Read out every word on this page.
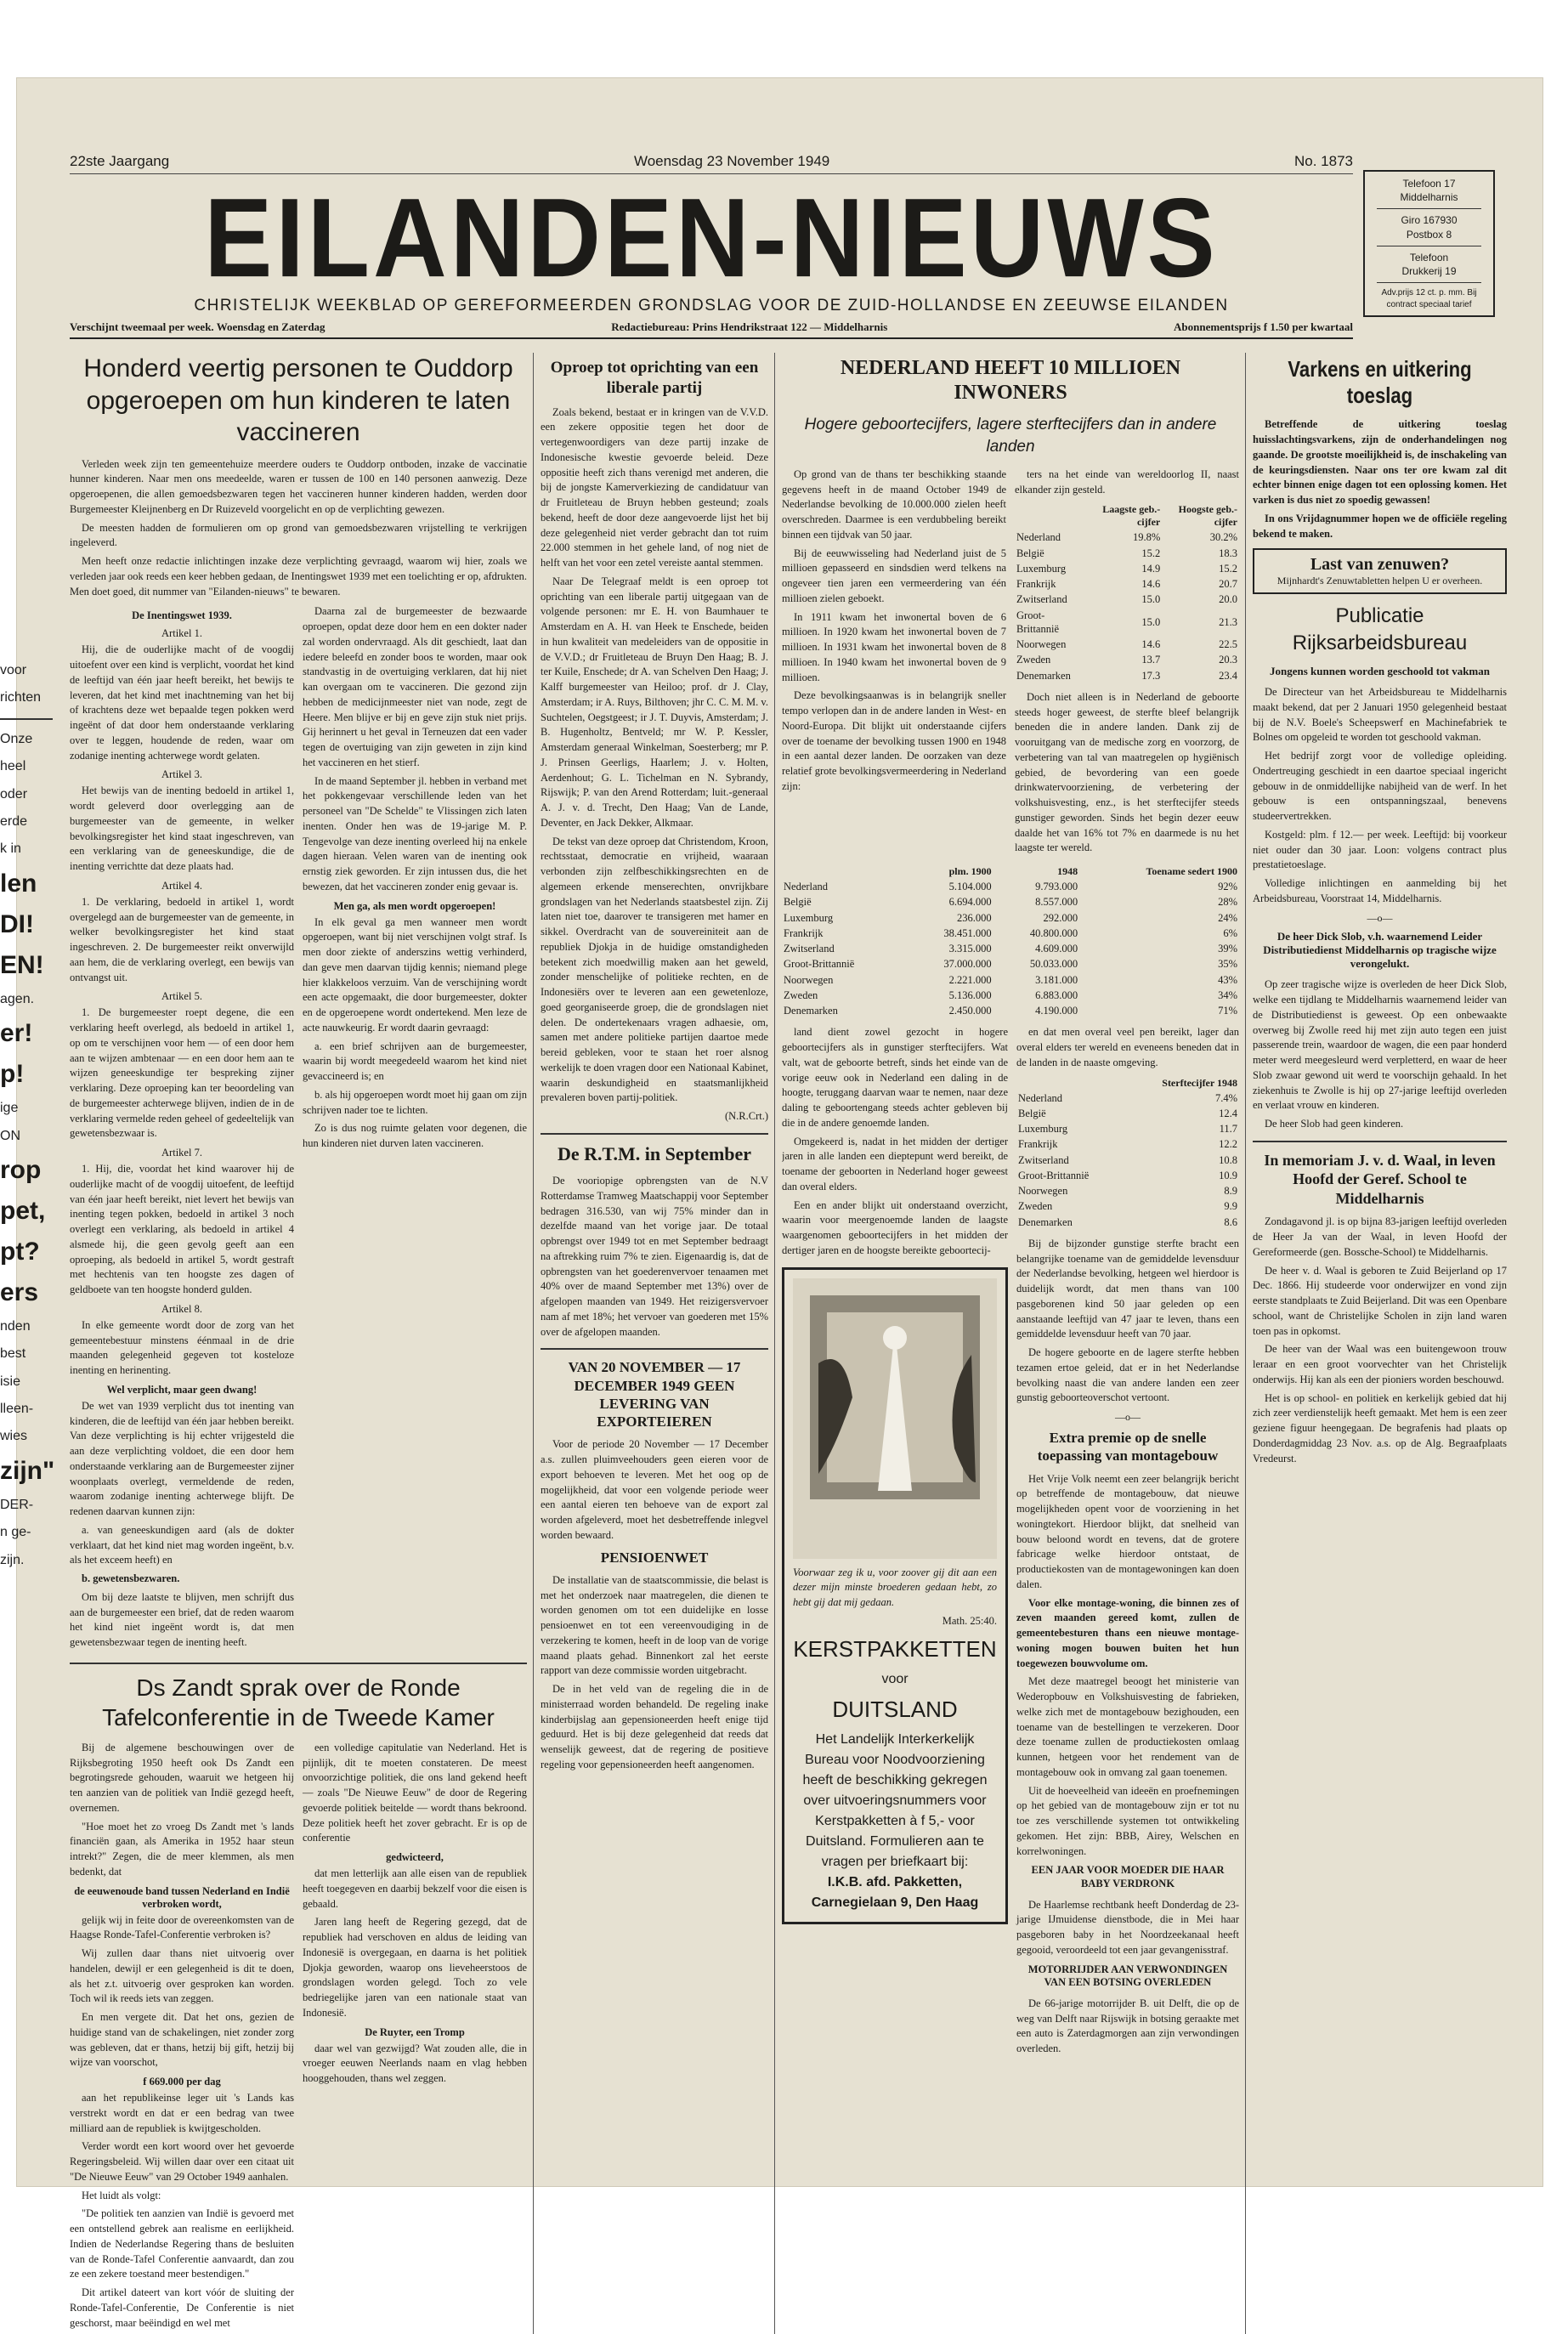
voor
richten
Onze
heel
oder
erde
k in
len
DI!
EN!
agen.
er!
p!
ige
ON
rop
pet,
pt?
ers
nden
best
isie
lleen-
wies
zijn"
DER-
n ge-
zijn.
22ste Jaargang	Woensdag 23 November 1949	No. 1873
EILANDEN-NIEUWS
CHRISTELIJK WEEKBLAD OP GEREFORMEERDEN GRONDSLAG VOOR DE ZUID-HOLLANDSE EN ZEEUWSE EILANDEN
Verschijnt tweemaal per week. Woensdag en Zaterdag	Redactiebureau: Prins Hendrikstraat 122 — Middelharnis	Abonnementsprijs f 1.50 per kwartaal
Telefoon 17
Middelharnis
Giro 167930
Postbox 8
Telefoon
Drukkerij 19
Adv.prijs 12 ct. p. mm. Bij contract speciaal tarief
Honderd veertig personen te Ouddorp opgeroepen om hun kinderen te laten vaccineren

Verleden week zijn ten gemeentehuize meerdere ouders te Ouddorp ontboden, inzake de vaccinatie hunner kinderen. Naar men ons meedeelde, waren er tussen de 100 en 140 personen aanwezig. Deze opgeroepenen, die allen gemoedsbezwaren tegen het vaccineren hunner kinderen hadden, werden door Burgemeester Kleijnenberg en Dr Ruizeveld voorgelicht en op de verplichting gewezen.

De meesten hadden de formulieren om op grond van gemoedsbezwaren vrijstelling te verkrijgen ingeleverd.

Men heeft onze redactie inlichtingen inzake deze verplichting gevraagd, waarom wij hier, zoals we verleden jaar ook reeds een keer hebben gedaan, de Inentingswet 1939 met een toelichting er op, afdrukten. Men doet goed, dit nummer van "Eilanden-nieuws" te bewaren.

De Inentingswet 1939.
Artikel 1.

Hij, die de ouderlijke macht of de voogdij uitoefent over een kind is verplicht, voordat het kind de leeftijd van één jaar heeft bereikt, het bewijs te leveren, dat het kind met inachtneming van het bij of krachtens deze wet bepaalde tegen pokken werd ingeënt of dat door hem onderstaande verklaring over te leggen, houdende de reden, waar om zodanige inenting achterwege wordt gelaten.

Artikel 3.

Het bewijs van de inenting bedoeld in artikel 1, wordt geleverd door overlegging aan de burgemeester van de gemeente, in welker bevolkingsregister het kind staat ingeschreven, van een verklaring van de geneeskundige, die de inenting verrichtte dat deze plaats had.

Artikel 4.

1. De verklaring, bedoeld in artikel 1, wordt overgelegd aan de burgemeester van de gemeente, in welker bevolkingsregister het kind staat ingeschreven. 2. De burgemeester reikt onverwijld aan hem, die de verklaring overlegt, een bewijs van ontvangst uit.

Artikel 5.

1. De burgemeester roept degene, die een verklaring heeft overlegd, als bedoeld in artikel 1, op om te verschijnen voor hem — of een door hem aan te wijzen ambtenaar — en een door hem aan te wijzen geneeskundige ter bespreking zijner verklaring. Deze oproeping kan ter beoordeling van de burgemeester achterwege blijven, indien de in de verklaring vermelde reden geheel of gedeeltelijk van gewetensbezwaar is.

Artikel 7.

1. Hij, die, voordat het kind waarover hij de ouderlijke macht of de voogdij uitoefent, de leeftijd van één jaar heeft bereikt, niet levert het bewijs van inenting tegen pokken, bedoeld in artikel 3 noch overlegt een verklaring, als bedoeld in artikel 4 alsmede hij, die geen gevolg geeft aan een oproeping, als bedoeld in artikel 5, wordt gestraft met hechtenis van ten hoogste zes dagen of geldboete van ten hoogste honderd gulden.

Artikel 8.

In elke gemeente wordt door de zorg van het gemeentebestuur minstens éénmaal in de drie maanden gelegenheid gegeven tot kosteloze inenting en herinenting.

Wel verplicht, maar geen dwang!

De wet van 1939 verplicht dus tot inenting van kinderen, die de leeftijd van één jaar hebben bereikt. Van deze verplichting is hij echter vrijgesteld die aan deze verplichting voldoet, die een door hem onderstaande verklaring aan de Burgemeester zijner woonplaats overlegt, vermeldende de reden, waarom zodanige inenting achterwege blijft. De redenen daarvan kunnen zijn:

a. van geneeskundigen aard (als de dokter verklaart, dat het kind niet mag worden ingeënt, b.v. als het exceem heeft) en

b. gewetensbezwaren.

Om bij deze laatste te blijven, men schrijft dus aan de burgemeester een brief, dat de reden waarom het kind niet ingeënt wordt is, dat men gewetensbezwaar tegen de inenting heeft.

Daarna zal de burgemeester de bezwaarde oproepen, opdat deze door hem en een dokter nader zal worden ondervraagd. Als dit geschiedt, laat dan iedere beleefd en zonder boos te worden, maar ook standvastig in de overtuiging verklaren, dat hij niet kan overgaan om te vaccineren. Die gezond zijn hebben de medicijnmeester niet van node, zegt de Heere. Men blijve er bij en geve zijn stuk niet prijs. Gij herinnert u het geval in Terneuzen dat een vader tegen de overtuiging van zijn geweten in zijn kind het vaccineren en het stierf.

In de maand September jl. hebben in verband met het pokkengevaar verschillende leden van het personeel van "De Schelde" te Vlissingen zich laten inenten. Onder hen was de 19-jarige M. P. Tengevolge van deze inenting overleed hij na enkele dagen hieraan. Velen waren van de inenting ook ernstig ziek geworden. Er zijn intussen dus, die het bewezen, dat het vaccineren zonder enig gevaar is.

Men ga, als men wordt opgeroepen!

In elk geval ga men wanneer men wordt opgeroepen, want bij niet verschijnen volgt straf. Is men door ziekte of anderszins wettig verhinderd, dan geve men daarvan tijdig kennis; niemand plege hier klakkeloos verzuim. Van de verschijning wordt een acte opgemaakt, die door burgemeester, dokter en de opgeroepene wordt ondertekend. Men leze de acte nauwkeurig. Er wordt daarin gevraagd:

a. een brief schrijven aan de burgemeester, waarin bij wordt meegedeeld waarom het kind niet gevaccineerd is; en

b. als hij opgeroepen wordt moet hij gaan om zijn schrijven nader toe te lichten.

Zo is dus nog ruimte gelaten voor degenen, die hun kinderen niet durven laten vaccineren.

Ds Zandt sprak over de Ronde Tafelconferentie in de Tweede Kamer

Bij de algemene beschouwingen over de Rijksbegroting 1950 heeft ook Ds Zandt een begrotingsrede gehouden, waaruit we hetgeen hij ten aanzien van de politiek van Indië gezegd heeft, overnemen.

"Hoe moet het zo vroeg Ds Zandt met 's lands financiën gaan, als Amerika in 1952 haar steun intrekt?" Zegen, die de meer klemmen, als men bedenkt, dat

de eeuwenoude band tussen Nederland en Indië verbroken wordt,

gelijk wij in feite door de overeenkomsten van de Haagse Ronde-Tafel-Conferentie verbroken is?

Wij zullen daar thans niet uitvoerig over handelen, dewijl er een gelegenheid is dit te doen, als het z.t. uitvoerig over gesproken kan worden. Toch wil ik reeds iets van zeggen.

En men vergete dit. Dat het ons, gezien de huidige stand van de schakelingen, niet zonder zorg was gebleven, dat er thans, hetzij bij gift, hetzij bij wijze van voorschot,

f 669.000 per dag

aan het republikeinse leger uit 's Lands kas verstrekt wordt en dat er een bedrag van twee milliard aan de republiek is kwijtgescholden.

Verder wordt een kort woord over het gevoerde Regeringsbeleid. Wij willen daar over een citaat uit "De Nieuwe Eeuw" van 29 October 1949 aanhalen.

Het luidt als volgt:

"De politiek ten aanzien van Indië is gevoerd met een ontstellend gebrek aan realisme en eerlijkheid. Indien de Nederlandse Regering thans de besluiten van de Ronde-Tafel Conferentie aanvaardt, dan zou ze een zekere toestand meer bestendigen."

Dit artikel dateert van kort vóór de sluiting der Ronde-Tafel-Conferentie, De Conferentie is niet geschorst, maar beëindigd en wel met

een volledige capitulatie van Nederland. Het is pijnlijk, dit te moeten constateren. De meest onvoorzichtige politiek, die ons land gekend heeft — zoals "De Nieuwe Eeuw" de door de Regering gevoerde politiek beitelde — wordt thans bekroond. Deze politiek heeft het zover gebracht. Er is op de conferentie

gedwicteerd,

dat men letterlijk aan alle eisen van de republiek heeft toegegeven en daarbij bekzelf voor die eisen is gebaald.

Jaren lang heeft de Regering gezegd, dat de republiek had verschoven en aldus de leiding van Indonesië is overgegaan, en daarna is het politiek Djokja geworden, waarop ons lieveheerstoos de grondslagen worden gelegd. Toch zo vele bedriegelijke jaren van een nationale staat van Indonesië.

De Ruyter, een Tromp

daar wel van gezwijgd? Wat zouden alle, die in vroeger eeuwen Neerlands naam en vlag hebben hooggehouden, thans wel zeggen.

Oproep tot oprichting van een liberale partij

Zoals bekend, bestaat er in kringen van de V.V.D. een zekere oppositie tegen het door de vertegenwoordigers van deze partij inzake de Indonesische kwestie gevoerde beleid. Deze oppositie heeft zich thans verenigd met anderen, die bij de jongste Kamerverkiezing de candidatuur van dr Fruitleteau de Bruyn hebben gesteund; zoals bekend, heeft de door deze aangevoerde lijst het bij deze gelegenheid niet verder gebracht dan tot ruim 22.000 stemmen in het gehele land, of nog niet de helft van het voor een zetel vereiste aantal stemmen.

Naar De Telegraaf meldt is een oproep tot oprichting van een liberale partij uitgegaan van de volgende personen: mr E. H. von Baumhauer te Amsterdam en A. H. van Heek te Enschede, beiden in hun kwaliteit van medeleiders van de oppositie in de V.V.D.; dr Fruitleteau de Bruyn Den Haag; B. J. ter Kuile, Enschede; dr A. van Schelven Den Haag; J. Kalff burgemeester van Heiloo; prof. dr J. Clay, Amsterdam; ir A. Ruys, Bilthoven; jhr C. C. M. M. v. Suchtelen, Oegstgeest; ir J. T. Duyvis, Amsterdam; J. B. Hugenholtz, Bentveld; mr W. P. Kessler, Amsterdam generaal Winkelman, Soesterberg; mr P. J. Prinsen Geerligs, Haarlem; J. v. Holten, Aerdenhout; G. L. Tichelman en N. Sybrandy, Rijswijk; P. van den Arend Rotterdam; luit.-generaal A. J. v. d. Trecht, Den Haag; Van de Lande, Deventer, en Jack Dekker, Alkmaar.

De tekst van deze oproep dat Christendom, Kroon, rechtsstaat, democratie en vrijheid, waaraan verbonden zijn zelfbeschikkingsrechten en de algemeen erkende menserechten, onvrijkbare grondslagen van het Nederlands staatsbestel zijn. Zij laten niet toe, daarover te transigeren met hamer en sikkel. Overdracht van de souvereiniteit aan de republiek Djokja in de huidige omstandigheden betekent zich moedwillig maken aan het geweld, zonder menschelijke of politieke rechten, en de Indonesiërs over te leveren aan een gewetenloze, goed georganiseerde groep, die de grondslagen niet delen. De ondertekenaars vragen adhaesie, om, samen met andere politieke partijen daartoe mede bereid gebleken, voor te staan het roer alsnog werkelijk te doen vragen door een Nationaal Kabinet, waarin deskundigheid en staatsmanlijkheid prevaleren boven partij-politiek.

(N.R.Crt.)

De R.T.M. in September

De vooriopige opbrengsten van de N.V Rotterdamse Tramweg Maatschappij voor September bedragen 316.530, van wij 75% minder dan in dezelfde maand van het vorige jaar. De totaal opbrengst over 1949 tot en met September bedraagt na aftrekking ruim 7% te zien. Eigenaardig is, dat de opbrengsten van het goederenvervoer tenaamen met 40% over de maand September met 13%) over de afgelopen maanden van 1949. Het reizigersvervoer nam af met 18%; het vervoer van goederen met 15% over de afgelopen maanden.

VAN 20 NOVEMBER — 17 DECEMBER 1949 GEEN LEVERING VAN EXPORTEIEREN

Voor de periode 20 November — 17 December a.s. zullen pluimveehouders geen eieren voor de export behoeven te leveren. Met het oog op de mogelijkheid, dat voor een volgende periode weer een aantal eieren ten behoeve van de export zal worden afgeleverd, moet het desbetreffende inlegvel worden bewaard.

PENSIOENWET

De installatie van de staatscommissie, die belast is met het onderzoek naar maatregelen, die dienen te worden genomen om tot een duidelijke en losse pensioenwet en tot een vereenvoudiging in de verzekering te komen, heeft in de loop van de vorige maand plaats gehad. Binnenkort zal het eerste rapport van deze commissie worden uitgebracht.

De in het veld van de regeling die in de ministerraad worden behandeld. De regeling inake kinderbijslag aan gepensioneerden heeft enige tijd geduurd. Het is bij deze gelegenheid dat reeds dat wenselijk geweest, dat de regering de positieve regeling voor gepensioneerden heeft aangenomen.

NEDERLAND HEEFT 10 MILLIOEN INWONERS
Hogere geboortecijfers, lagere sterftecijfers dan in andere landen

Op grond van de thans ter beschikking staande gegevens heeft in de maand October 1949 de Nederlandse bevolking de 10.000.000 zielen heeft overschreden. Daarmee is een verdubbeling bereikt binnen een tijdvak van 50 jaar.

Bij de eeuwwisseling had Nederland juist de 5 millioen gepasseerd en sindsdien werd telkens na ongeveer tien jaren een vermeerdering van één millioen zielen geboekt.

In 1911 kwam het inwonertal boven de 6 millioen. In 1920 kwam het inwonertal boven de 7 millioen. In 1931 kwam het inwonertal boven de 8 millioen. In 1940 kwam het inwonertal boven de 9 millioen.

Deze bevolkingsaanwas is in belangrijk sneller tempo verlopen dan in de andere landen in West- en Noord-Europa. Dit blijkt uit onderstaande cijfers over de toename der bevolking tussen 1900 en 1948 in een aantal dezer landen. De oorzaken van deze relatief grote bevolkingsvermeerdering in Nederland zijn:

ters na het einde van wereldoorlog II, naast elkander zijn gesteld.

	Laagste geb.-cijfer	Hoogste geb.-cijfer
Nederland	19.8%	30.2%
België	15.2	18.3
Luxemburg	14.9	15.2
Frankrijk	14.6	20.7
Zwitserland	15.0	20.0
Groot-Brittannië	15.0	21.3
Noorwegen	14.6	22.5
Zweden	13.7	20.3
Denemarken	17.3	23.4

Doch niet alleen is in Nederland de geboorte steeds hoger geweest, de sterfte bleef belangrijk beneden die in andere landen. Dank zij de vooruitgang van de medische zorg en voorzorg, de verbetering van tal van maatregelen op hygiënisch gebied, de bevordering van een goede drinkwatervoorziening, de verbetering der volkshuisvesting, enz., is het sterftecijfer steeds gunstiger geworden. Sinds het begin dezer eeuw daalde het van 16% tot 7% en daarmede is nu het laagste ter wereld.

	plm. 1900	1948	Toename sedert 1900
Nederland	5.104.000	9.793.000	92%
België	6.694.000	8.557.000	28%
Luxemburg	236.000	292.000	24%
Frankrijk	38.451.000	40.800.000	6%
Zwitserland	3.315.000	4.609.000	39%
Groot-Brittannië	37.000.000	50.033.000	35%
Noorwegen	2.221.000	3.181.000	43%
Zweden	5.136.000	6.883.000	34%
Denemarken	2.450.000	4.190.000	71%

land dient zowel gezocht in hogere geboortecijfers als in gunstiger sterftecijfers. Wat valt, wat de geboorte betreft, sinds het einde van de vorige eeuw ook in Nederland een daling in de hoogte, teruggang daarvan waar te nemen, naar deze daling te geboortengang steeds achter gebleven bij die in de andere genoemde landen.

Omgekeerd is, nadat in het midden der dertiger jaren in alle landen een dieptepunt werd bereikt, de toename der geboorten in Nederland hoger geweest dan overal elders.

Een en ander blijkt uit onderstaand overzicht, waarin voor meergenoemde landen de laagste waargenomen geboortecijfers in het midden der dertiger jaren en de hoogste bereikte geboortecij-

Voorwaar zeg ik u, voor zoover gij dit aan een dezer mijn minste broederen gedaan hebt, zo hebt gij dat mij gedaan.

Math. 25:40.

KERSTPAKKETTEN
voor
DUITSLAND
Het Landelijk Interkerkelijk Bureau voor Noodvoorziening heeft de beschikking gekregen over uitvoeringsnummers voor Kerstpakketten à f 5,- voor Duitsland. Formulieren aan te vragen per briefkaart bij:
I.K.B. afd. Pakketten, Carnegielaan 9, Den Haag

en dat men overal veel pen bereikt, lager dan overal elders ter wereld en eveneens beneden dat in de landen in de naaste omgeving.

	Sterftecijfer 1948
Nederland	7.4%
België	12.4
Luxemburg	11.7
Frankrijk	12.2
Zwitserland	10.8
Groot-Brittannië	10.9
Noorwegen	8.9
Zweden	9.9
Denemarken	8.6

Bij de bijzonder gunstige sterfte bracht een belangrijke toename van de gemiddelde levensduur der Nederlandse bevolking, hetgeen wel hierdoor is duidelijk wordt, dat men thans van 100 pasgeborenen kind 50 jaar geleden op een aanstaande leeftijd van 47 jaar te leven, thans een gemiddelde levensduur heeft van 70 jaar.

De hogere geboorte en de lagere sterfte hebben tezamen ertoe geleid, dat er in het Nederlandse bevolking naast die van andere landen een zeer gunstig geboorteoverschot vertoont.

—o—
Extra premie op de snelle toepassing van montagebouw

Het Vrije Volk neemt een zeer belangrijk bericht op betreffende de montagebouw, dat nieuwe mogelijkheden opent voor de voorziening in het woningtekort. Hierdoor blijkt, dat snelheid van bouw beloond wordt en tevens, dat de grotere fabricage welke hierdoor ontstaat, de productiekosten van de montagewoningen kan doen dalen.

Voor elke montage-woning, die binnen zes of zeven maanden gereed komt, zullen de gemeentebesturen thans een nieuwe montage-woning mogen bouwen buiten het hun toegewezen bouwvolume om.

Met deze maatregel beoogt het ministerie van Wederopbouw en Volkshuisvesting de fabrieken, welke zich met de montagebouw bezighouden, een toename van de bestellingen te verzekeren. Door deze toename zullen de productiekosten omlaag kunnen, hetgeen voor het rendement van de montagebouw ook in omvang zal gaan toenemen.

Uit de hoeveelheid van ideeën en proefnemingen op het gebied van de montagebouw zijn er tot nu toe zes verschillende systemen tot ontwikkeling gekomen. Het zijn: BBB, Airey, Welschen en korrelwoningen.

EEN JAAR VOOR MOEDER DIE HAAR BABY VERDRONK

De Haarlemse rechtbank heeft Donderdag de 23-jarige IJmuidense dienstbode, die in Mei haar pasgeboren baby in het Noordzeekanaal heeft gegooid, veroordeeld tot een jaar gevangenisstraf.

MOTORRIJDER AAN VERWONDINGEN VAN EEN BOTSING OVERLEDEN

De 66-jarige motorrijder B. uit Delft, die op de weg van Delft naar Rijswijk in botsing geraakte met een auto is Zaterdagmorgen aan zijn verwondingen overleden.

Varkens en uitkering toeslag

Betreffende de uitkering toeslag huisslachtingsvarkens, zijn de onderhandelingen nog gaande. De grootste moeilijkheid is, de inschakeling van de keuringsdiensten. Naar ons ter ore kwam zal dit echter binnen enige dagen tot een oplossing komen. Het varken is dus niet zo spoedig gewassen!

In ons Vrijdagnummer hopen we de officiële regeling bekend te maken.

Last van zenuwen?
Mijnhardt's Zenuwtabletten helpen U er overheen.
Publicatie Rijksarbeidsbureau
Jongens kunnen worden geschoold tot vakman

De Directeur van het Arbeidsbureau te Middelharnis maakt bekend, dat per 2 Januari 1950 gelegenheid bestaat bij de N.V. Boele's Scheepswerf en Machinefabriek te Bolnes om opgeleid te worden tot geschoold vakman.

Het bedrijf zorgt voor de volledige opleiding. Ondertreuging geschiedt in een daartoe speciaal ingericht gebouw in de onmiddellijke nabijheid van de werf. In het gebouw is een ontspanningszaal, benevens studeervertrekken.

Kostgeld: plm. f 12.— per week. Leeftijd: bij voorkeur niet ouder dan 30 jaar. Loon: volgens contract plus prestatietoeslage.

Volledige inlichtingen en aanmelding bij het Arbeidsbureau, Voorstraat 14, Middelharnis.

—o—
De heer Dick Slob, v.h. waarnemend Leider Distributiedienst Middelharnis op tragische wijze verongelukt.

Op zeer tragische wijze is overleden de heer Dick Slob, welke een tijdlang te Middelharnis waarnemend leider van de Distributiedienst is geweest. Op een onbewaakte overweg bij Zwolle reed hij met zijn auto tegen een juist passerende trein, waardoor de wagen, die een paar honderd meter werd meegesleurd werd verpletterd, en waar de heer Slob zwaar gewond uit werd te voorschijn gehaald. In het ziekenhuis te Zwolle is hij op 27-jarige leeftijd overleden en verlaat vrouw en kinderen.

De heer Slob had geen kinderen.

In memoriam J. v. d. Waal, in leven Hoofd der Geref. School te Middelharnis

Zondagavond jl. is op bijna 83-jarigen leeftijd overleden de Heer Ja van der Waal, in leven Hoofd der Gereformeerde (gen. Bossche-School) te Middelharnis.

De heer v. d. Waal is geboren te Zuid Beijerland op 17 Dec. 1866. Hij studeerde voor onderwijzer en vond zijn eerste standplaats te Zuid Beijerland. Dit was een Openbare school, want de Christelijke Scholen in zijn land waren toen pas in opkomst.

De heer van der Waal was een buitengewoon trouw leraar en een groot voorvechter van het Christelijk onderwijs. Hij kan als een der pioniers worden beschouwd.

Het is op school- en politiek en kerkelijk gebied dat hij zich zeer verdienstelijk heeft gemaakt. Met hem is een zeer geziene figuur heengegaan. De begrafenis had plaats op Donderdagmiddag 23 Nov. a.s. op de Alg. Begraafplaats Vredeurst.
